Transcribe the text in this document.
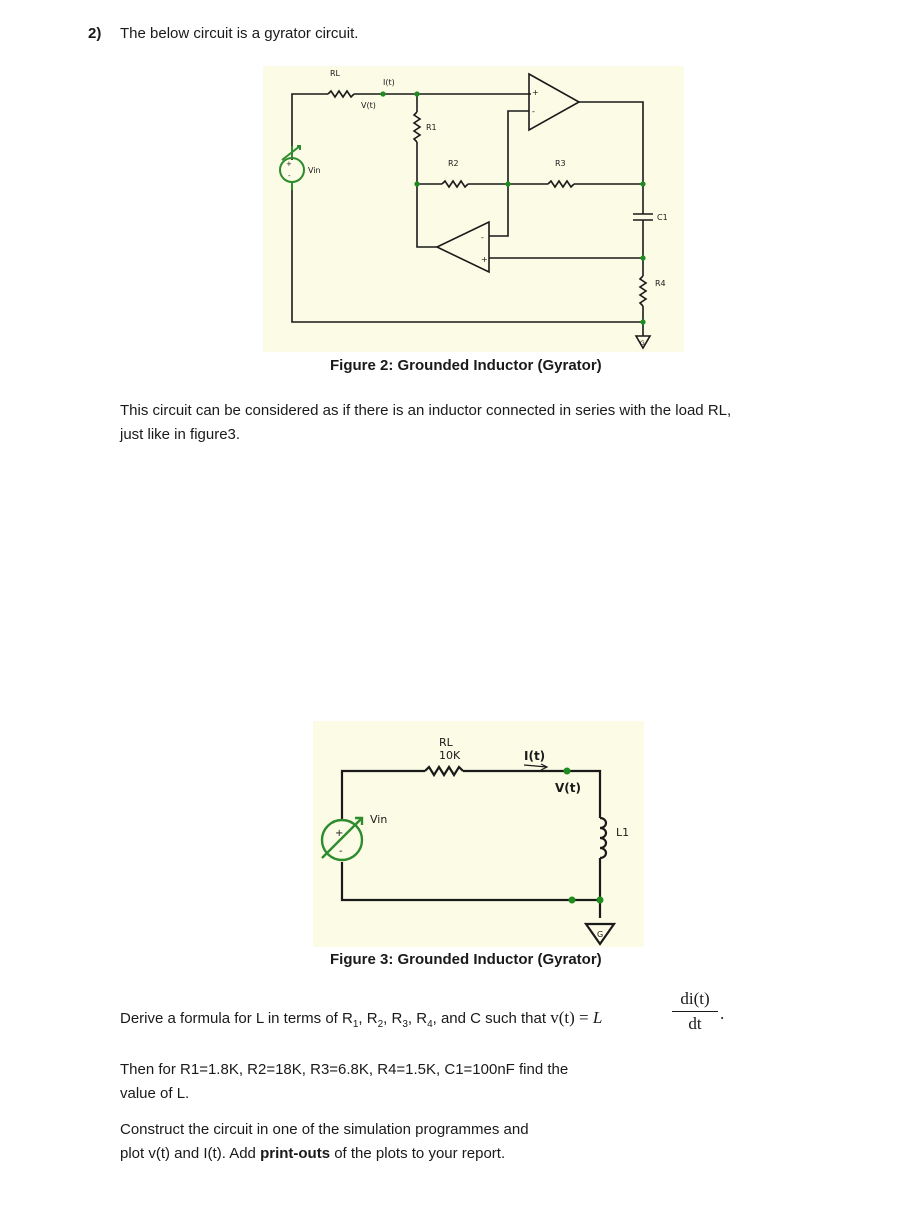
2) The below circuit is a gyrator circuit.
RL
I(t)
V(t)
R1
R2	R3
C1
R4
Vin
+
-
-
+
G
+
-
Figure 2: Grounded Inductor (Gyrator)
This circuit can be considered as if there is an inductor connected in series with the load RL,
just like in figure3.
RL
10K	I(t)
V(t)
Vin
L1
G
+
-
Figure 3: Grounded Inductor (Gyrator)
Derive a formula for L in terms of $R_1$, $R_2$, $R_3$, $R_4$, and C such that v(t) = L	$\frac{di(t)}{dt}$ .
Then for R1=1.8K, R2=18K, R3=6.8K, R4=1.5K, C1=100nF find the
value of L.
Construct the circuit in one of the simulation programmes and
plot v(t) and I(t). Add print-outs of the plots to your report.
